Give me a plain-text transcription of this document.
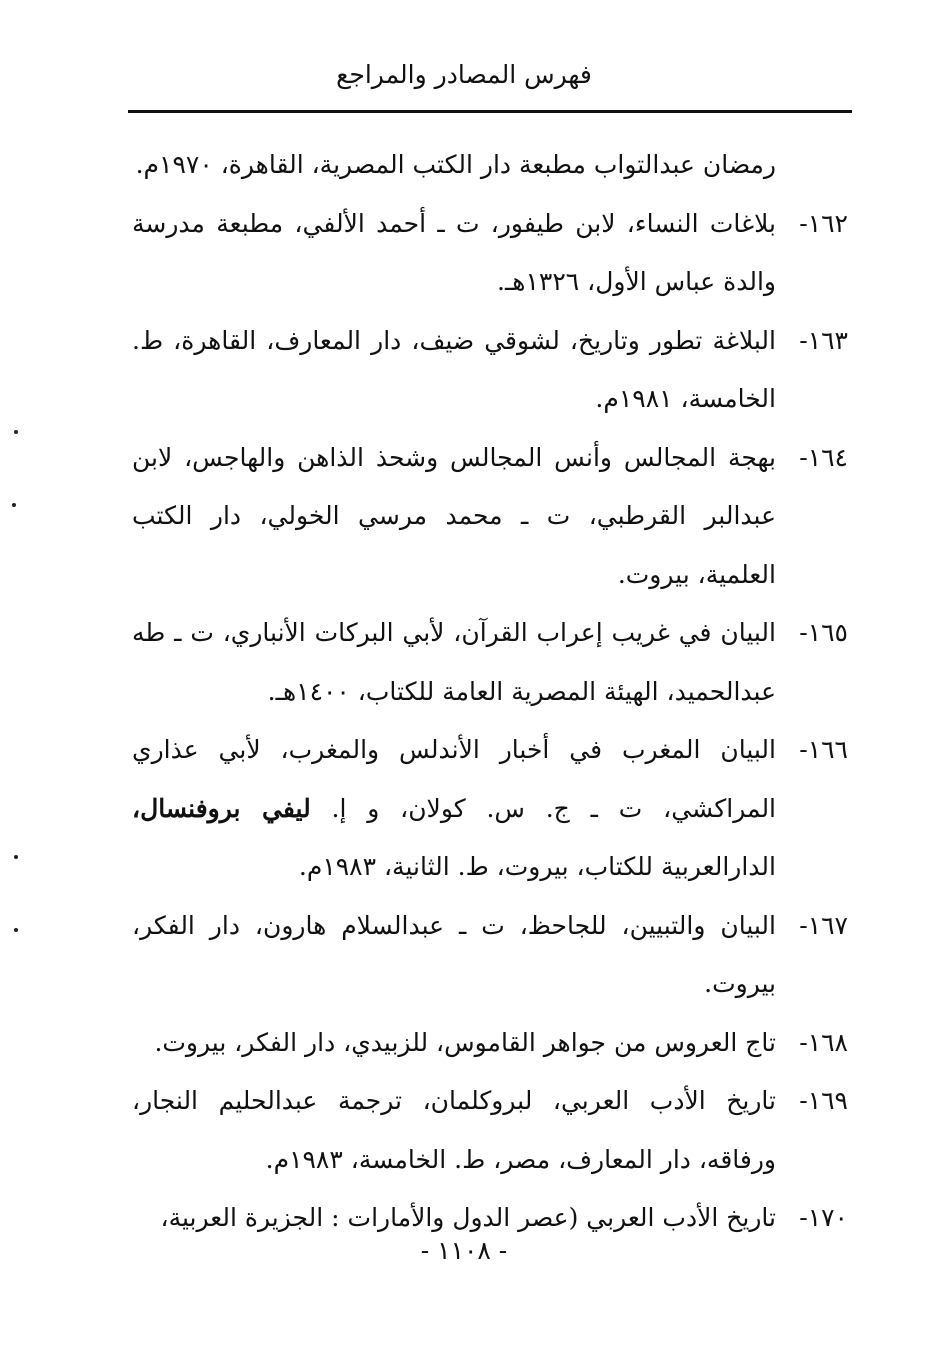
فهرس المصادر والمراجع
رمضان عبدالتواب مطبعة دار الكتب المصرية، القاهرة، ١٩٧٠م.
١٦٢-
بلاغات النساء، لابن طيفور، ت ـ أحمد الألفي، مطبعة مدرسة والدة عباس الأول، ١٣٢٦هـ.
١٦٣-
البلاغة تطور وتاريخ، لشوقي ضيف، دار المعارف، القاهرة، ط. الخامسة، ١٩٨١م.
١٦٤-
بهجة المجالس وأنس المجالس وشحذ الذاهن والهاجس، لابن عبدالبر القرطبي، ت ـ محمد مرسي الخولي، دار الكتب العلمية، بيروت.
١٦٥-
البيان في غريب إعراب القرآن، لأبي البركات الأنباري، ت ـ طه عبدالحميد، الهيئة المصرية العامة للكتاب، ١٤٠٠هـ.
١٦٦-
البيان المغرب في أخبار الأندلس والمغرب، لأبي عذاري المراكشي، ت ـ ج. س. كولان، و إ. ليفي بروفنسال، الدارالعربية للكتاب، بيروت، ط. الثانية، ١٩٨٣م.
١٦٧-
البيان والتبيين، للجاحظ، ت ـ عبدالسلام هارون، دار الفكر، بيروت.
١٦٨-
تاج العروس من جواهر القاموس، للزبيدي، دار الفكر، بيروت.
١٦٩-
تاريخ الأدب العربي، لبروكلمان، ترجمة عبدالحليم النجار، ورفاقه، دار المعارف، مصر، ط. الخامسة، ١٩٨٣م.
١٧٠-
تاريخ الأدب العربي (عصر الدول والأمارات : الجزيرة العربية،
- ١١٠٨ -
